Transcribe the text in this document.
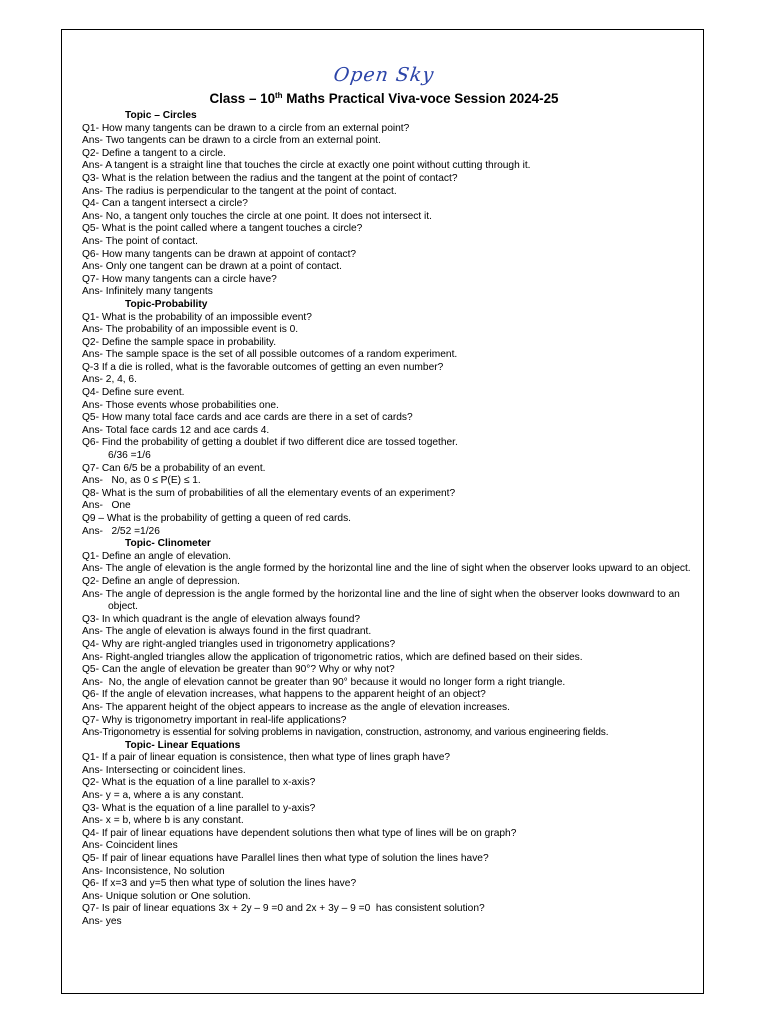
Open Sky
Class – 10th Maths Practical Viva-voce Session 2024-25
Topic – Circles
Q1- How many tangents can be drawn to a circle from an external point?
Ans- Two tangents can be drawn to a circle from an external point.
Q2- Define a tangent to a circle.
Ans- A tangent is a straight line that touches the circle at exactly one point without cutting through it.
Q3- What is the relation between the radius and the tangent at the point of contact?
Ans- The radius is perpendicular to the tangent at the point of contact.
Q4- Can a tangent intersect a circle?
Ans- No, a tangent only touches the circle at one point. It does not intersect it.
Q5- What is the point called where a tangent touches a circle?
Ans- The point of contact.
Q6- How many tangents can be drawn at appoint of contact?
Ans- Only one tangent can be drawn at a point of contact.
Q7- How many tangents can a circle have?
Ans- Infinitely many tangents
Topic-Probability
Q1- What is the probability of an impossible event?
Ans- The probability of an impossible event is 0.
Q2- Define the sample space in probability.
Ans- The sample space is the set of all possible outcomes of a random experiment.
Q-3 If a die is rolled, what is the favorable outcomes of getting an even number?
Ans- 2, 4, 6.
Q4- Define sure event.
Ans- Those events whose probabilities one.
Q5- How many total face cards and ace cards are there in a set of cards?
Ans- Total face cards 12 and ace cards 4.
Q6- Find the probability of getting a doublet if two different dice are tossed together.
6/36 =1/6
Q7- Can 6/5 be a probability of an event.
Ans-   No, as 0 ≤ P(E) ≤ 1.
Q8- What is the sum of probabilities of all the elementary events of an experiment?
Ans-   One
Q9 – What is the probability of getting a queen of red cards.
Ans-   2/52 =1/26
Topic- Clinometer
Q1- Define an angle of elevation.
Ans- The angle of elevation is the angle formed by the horizontal line and the line of sight when the observer looks upward to an object.
Q2- Define an angle of depression.
Ans- The angle of depression is the angle formed by the horizontal line and the line of sight when the observer looks downward to an object.
Q3- In which quadrant is the angle of elevation always found?
Ans- The angle of elevation is always found in the first quadrant.
Q4- Why are right-angled triangles used in trigonometry applications?
Ans- Right-angled triangles allow the application of trigonometric ratios, which are defined based on their sides.
Q5- Can the angle of elevation be greater than 90°? Why or why not?
Ans-  No, the angle of elevation cannot be greater than 90° because it would no longer form a right triangle.
Q6- If the angle of elevation increases, what happens to the apparent height of an object?
Ans- The apparent height of the object appears to increase as the angle of elevation increases.
Q7- Why is trigonometry important in real-life applications?
Ans-Trigonometry is essential for solving problems in navigation, construction, astronomy, and various engineering fields.
Topic- Linear Equations
Q1- If a pair of linear equation is consistence, then what type of lines graph have?
Ans- Intersecting or coincident lines.
Q2- What is the equation of a line parallel to x-axis?
Ans- y = a, where a is any constant.
Q3- What is the equation of a line parallel to y-axis?
Ans- x = b, where b is any constant.
Q4- If pair of linear equations have dependent solutions then what type of lines will be on graph?
Ans- Coincident lines
Q5- If pair of linear equations have Parallel lines then what type of solution the lines have?
Ans- Inconsistence, No solution
Q6- If x=3 and y=5 then what type of solution the lines have?
Ans- Unique solution or One solution.
Q7- Is pair of linear equations 3x + 2y – 9 =0 and 2x + 3y – 9 =0  has consistent solution?
Ans- yes
